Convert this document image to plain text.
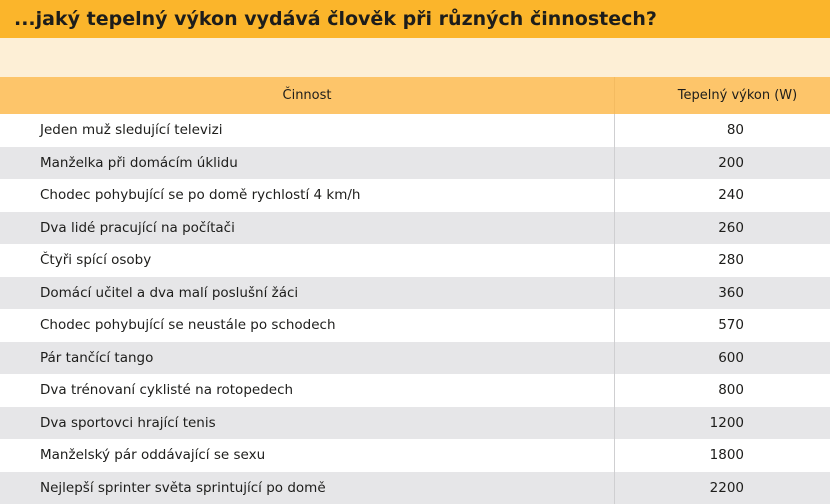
...jaký tepelný výkon vydává člověk při různých činnostech?
Činnost	Tepelný výkon (W)
Jeden muž sledující televizi	80
Manželka při domácím úklidu	200
Chodec pohybující se po domě rychlostí 4 km/h	240
Dva lidé pracující na počítači	260
Čtyři spící osoby	280
Domácí učitel a dva malí poslušní žáci	360
Chodec pohybující se neustále po schodech	570
Pár tančící tango	600
Dva trénovaní cyklisté na rotopedech	800
Dva sportovci hrající tenis	1200
Manželský pár oddávající se sexu	1800
Nejlepší sprinter světa sprintující po domě	2200
